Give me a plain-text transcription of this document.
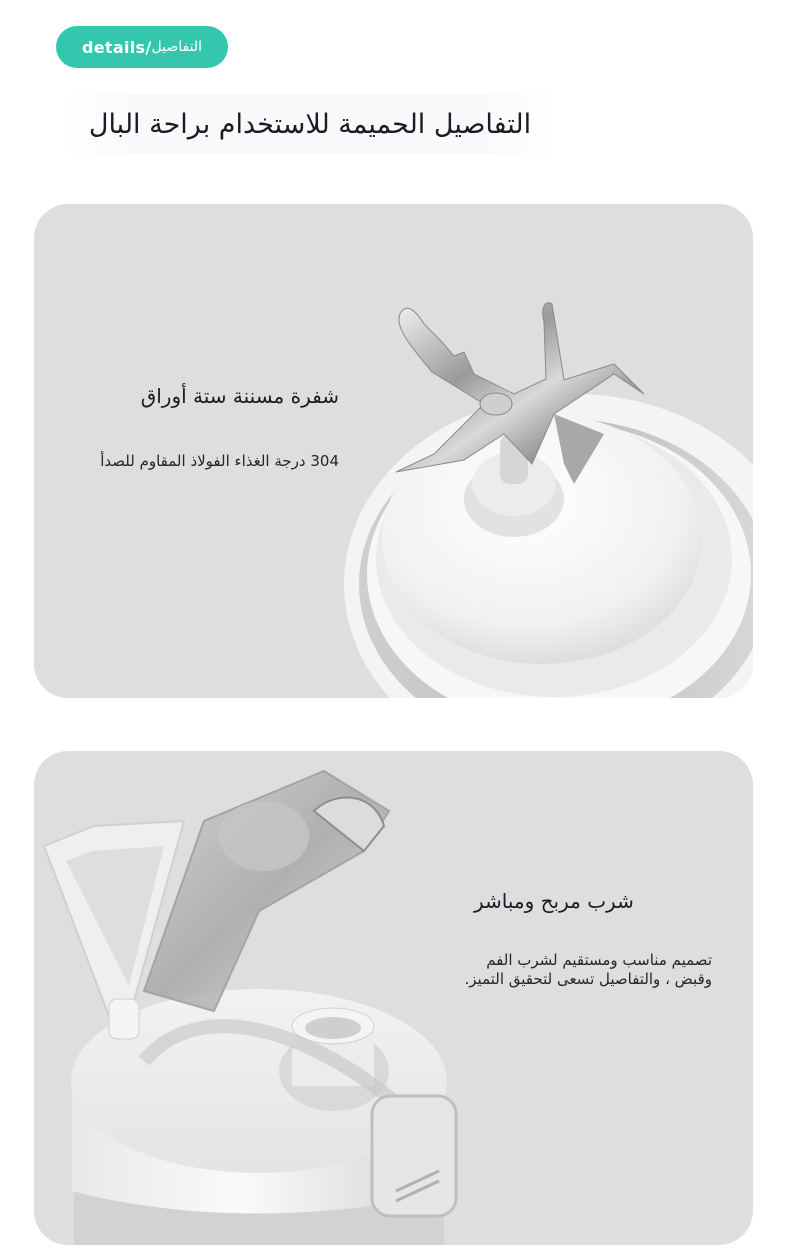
details/ التفاصيل
التفاصيل الحميمة للاستخدام براحة البال
شفرة مسننة ستة أوراق
304 درجة الغذاء الفولاذ المقاوم للصدأ
شرب مربح ومباشر
تصميم مناسب ومستقيم لشرب الفم وقبض ، والتفاصيل تسعى لتحقيق التميز.
